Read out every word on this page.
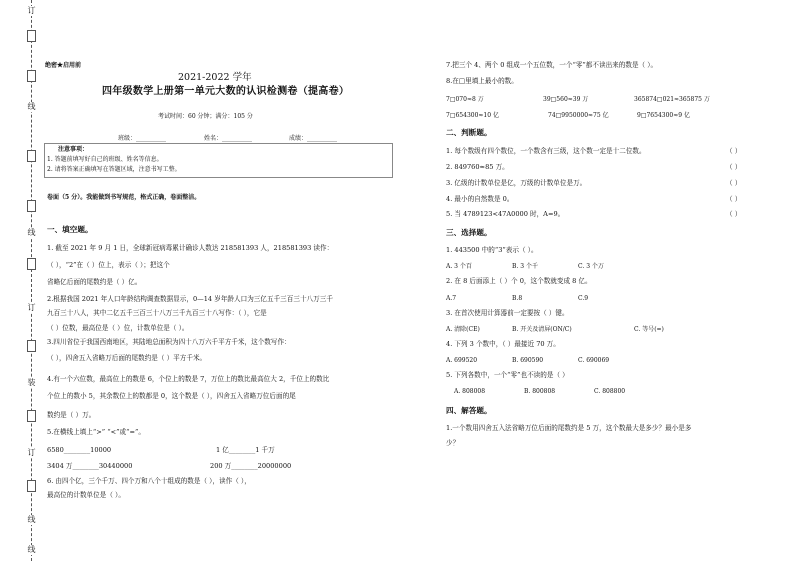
订
线
线
订
装
订
线
线
绝密★启用前
2021-2022 学年
四年级数学上册第一单元大数的认识检测卷（提高卷）
考试时间：60 分钟；满分：105 分
班级：__________	姓名：__________	成绩：__________
注意事项：
1. 答题前填写好自己的班级、姓名等信息。
2. 请将答案正确填写在答题区域，注意书写工整。
卷面（5 分）。我能做到书写规范，格式正确，卷面整洁。
一、填空题。
1. 截至 2021 年 9 月 1 日，全球新冠病毒累计确诊人数达 218581393 人，218581393 读作：
（ ），“2”在（ ）位上，表示（ ）；把这个
省略亿后面的尾数约是（ ）亿。
2.根据我国 2021 年人口年龄结构调查数据显示，0—14 岁年龄人口为三亿五千三百三十八万三千
九百三十八人，其中二亿五千三百三十八万三千九百三十八写作：（ ），它是
（ ）位数，最高位是（ ）位，计数单位是（ ）。
3.四川省位于我国西南地区，其陆地总面积为四十八万六千平方千米，这个数写作：
（ ），四舍五入省略万后面的尾数约是（ ）平方千米。
4.有一个六位数，最高位上的数是 6，个位上的数是 7，万位上的数比最高位大 2，千位上的数比
个位上的数小 5，其余数位上的数都是 0，这个数是（ ），四舍五入省略万位后面的尾
数约是（ ）万。
5.在横线上填上“>” “<”或“=”。
6580________10000	1 亿________1 千万
3404 万________30440000	200 万________20000000
6. 由四个亿，三个千万、四个万和八个十组成的数是（ ），读作（ ），
最高位的计数单位是（ ）。
7.把三个 4、两个 0 组成一个五位数，一个“零”都不读出来的数是（ ）。
8.在□里填上最小的数。
7□070≈8 万	39□560≈39 万	365874□021≈365875 万
7□654300≈10 亿	74□9950000≈75 亿	9□7654300≈9 亿
二、判断题。
1. 每个数级有四个数位，一个数含有三级，这个数一定是十二位数。	（ ）
2. 849760≈85 万。	（ ）
3. 亿级的计数单位是亿，万级的计数单位是万。	（ ）
4. 最小的自然数是 0。	（ ）
5. 当 4789123<47A0000 时，A=9。	（ ）
三、选择题。
1. 443500 中的“3”表示（ ）。
A. 3 个百	B. 3 个千	C. 3 个万
2. 在 8 后面添上（ ）个 0，这个数就变成 8 亿。
A.7	B.8	C.9
3. 在首次使用计算器前一定要按（ ）键。
A. 清除(CE)	B. 开关及清屏(ON/C)	C. 等号(=)
4. 下列 3 个数中，（ ）最接近 70 万。
A. 699520	B. 690590	C. 690069
5. 下列各数中，一个“零”也不读的是（ ）
A. 808008	B. 800808	C. 808800
四、解答题。
1.一个数用四舍五入法省略万位后面的尾数约是 5 万，这个数最大是多少？最小是多
少？
